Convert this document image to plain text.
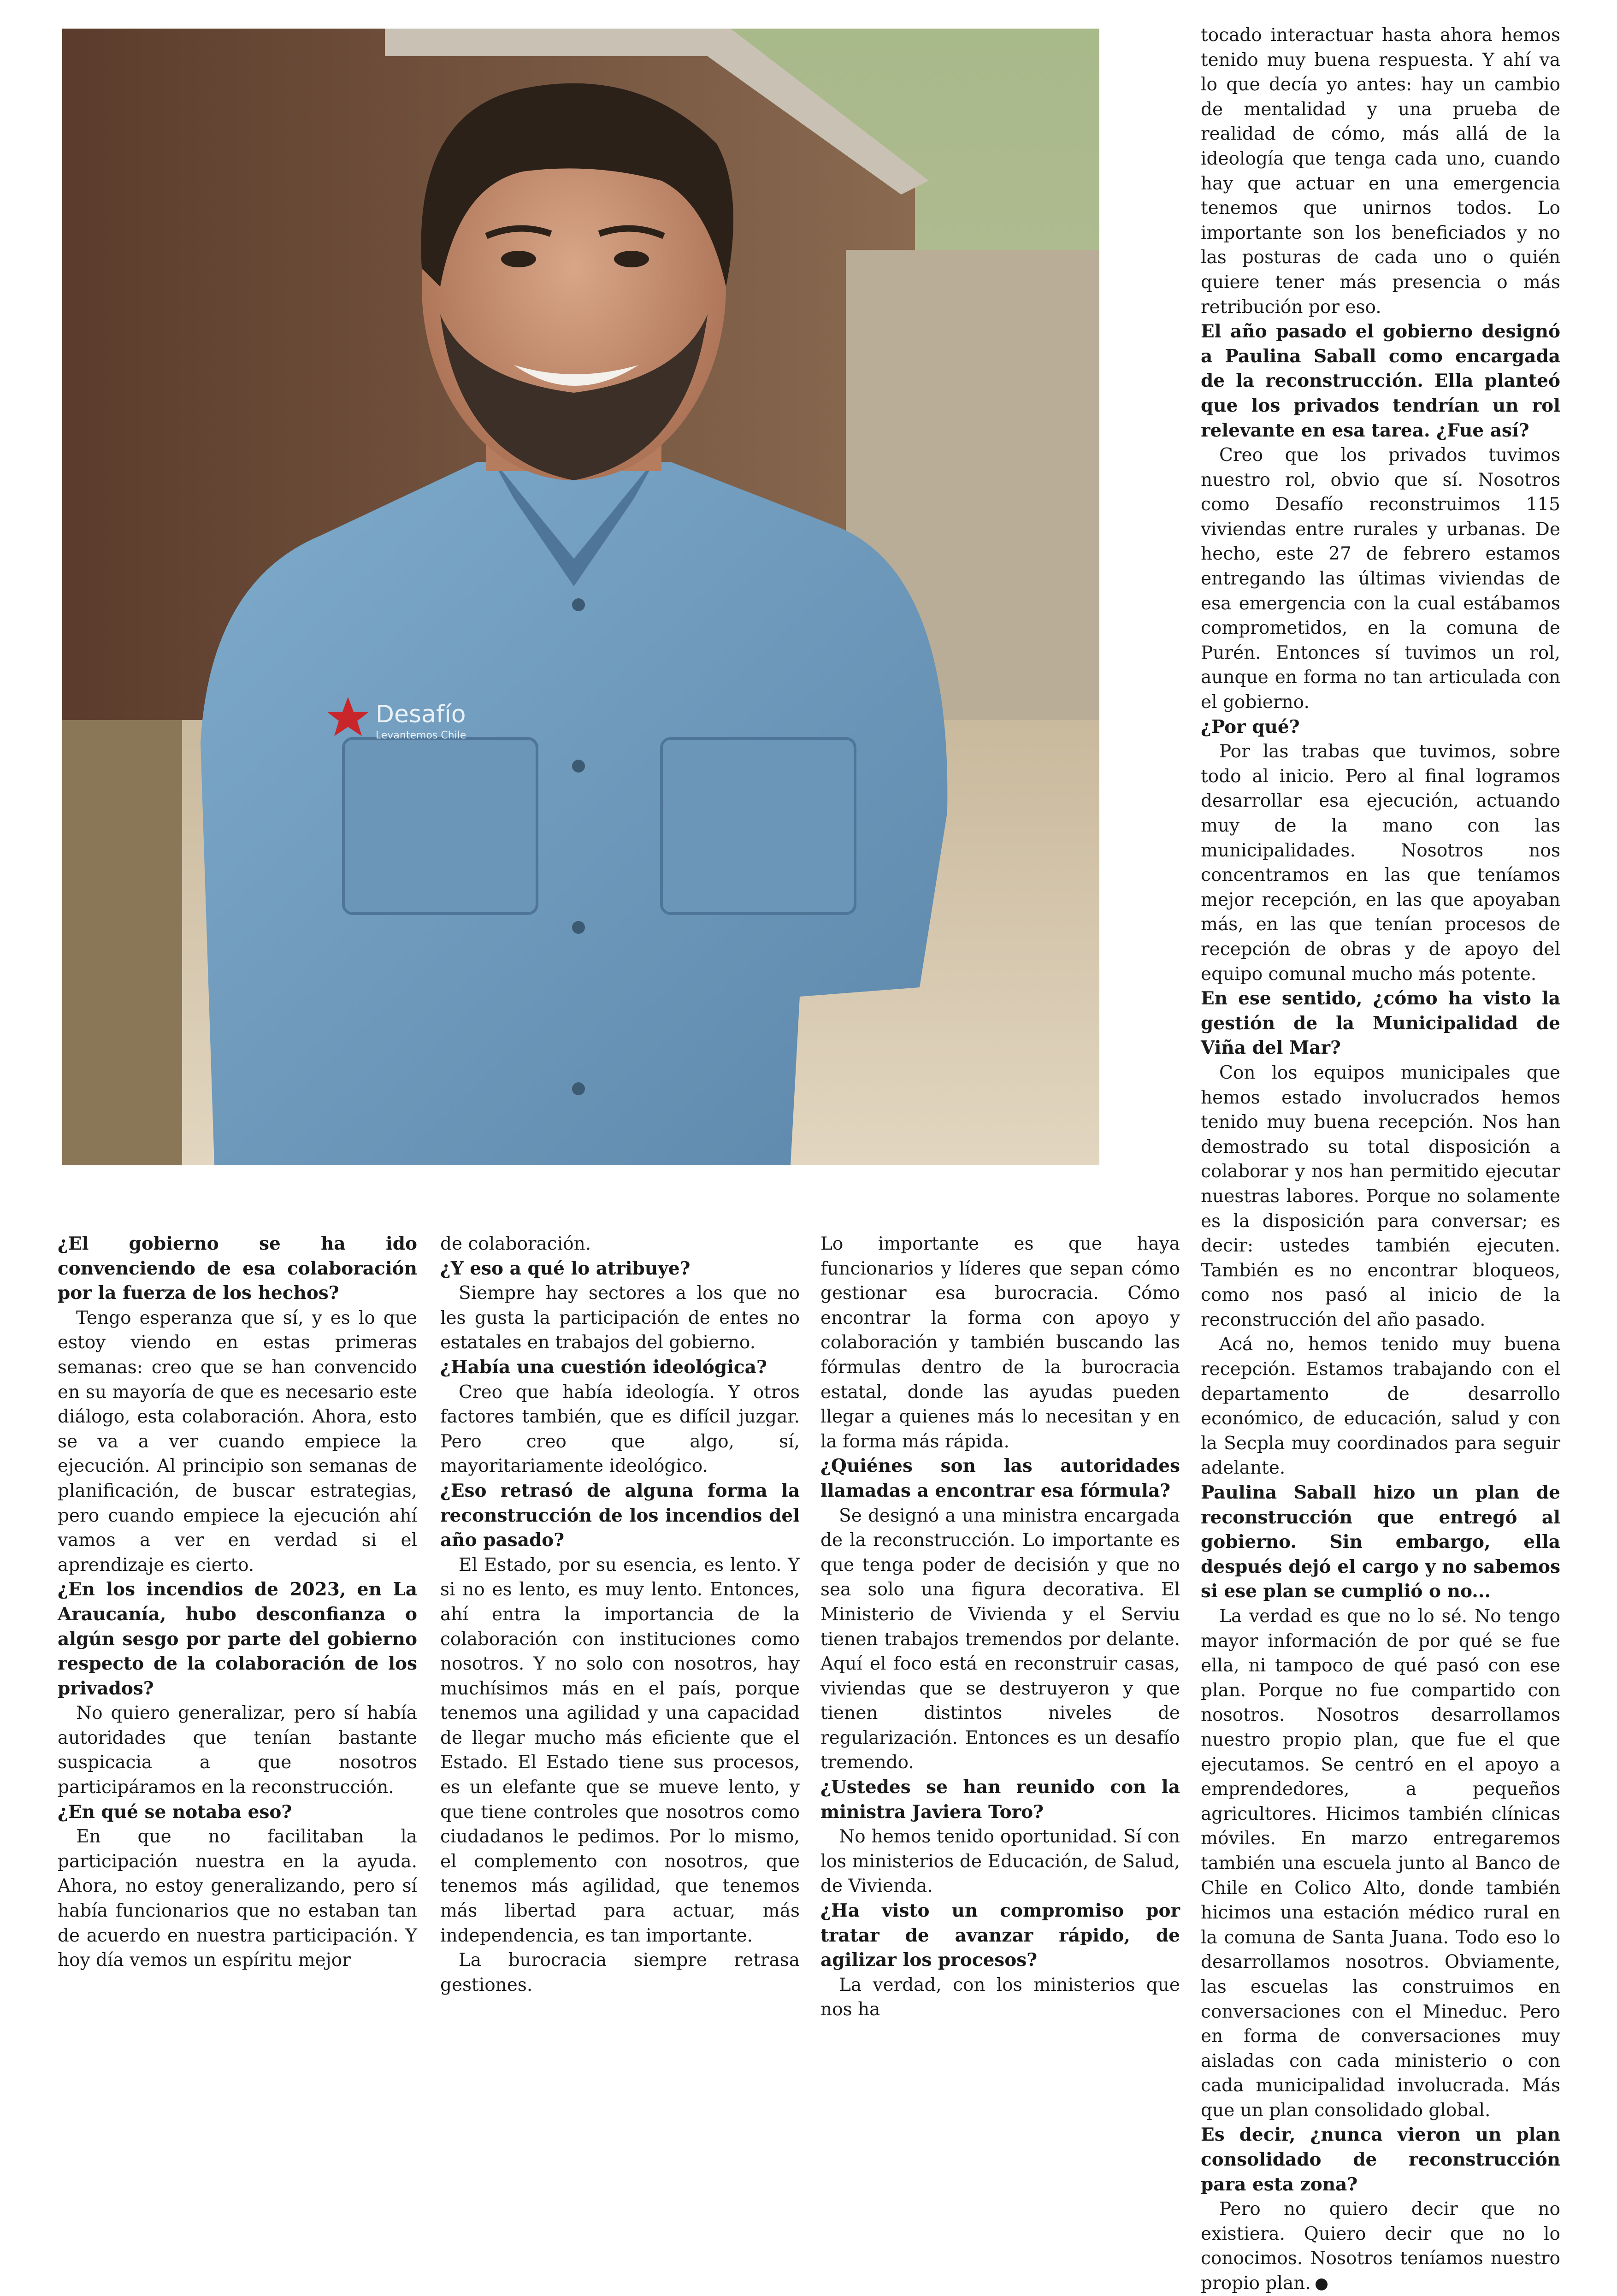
Desafío
Levantemos Chile
¿El gobierno se ha ido convenciendo de esa colaboración por la fuerza de los hechos?

Tengo esperanza que sí, y es lo que estoy viendo en estas primeras semanas: creo que se han convencido en su mayoría de que es necesario este diálogo, esta colaboración. Ahora, esto se va a ver cuando empiece la ejecución. Al principio son semanas de planificación, de buscar estrategias, pero cuando empiece la ejecución ahí vamos a ver en verdad si el aprendizaje es cierto.

¿En los incendios de 2023, en La Araucanía, hubo desconfianza o algún sesgo por parte del gobierno respecto de la colaboración de los privados?

No quiero generalizar, pero sí había autoridades que tenían bastante suspicacia a que nosotros participáramos en la reconstrucción.

¿En qué se notaba eso?

En que no facilitaban la participación nuestra en la ayuda. Ahora, no estoy generalizando, pero sí había funcionarios que no estaban tan de acuerdo en nuestra participación. Y hoy día vemos un espíritu mejor

de colaboración.

¿Y eso a qué lo atribuye?

Siempre hay sectores a los que no les gusta la participación de entes no estatales en trabajos del gobierno.

¿Había una cuestión ideológica?

Creo que había ideología. Y otros factores también, que es difícil juzgar. Pero creo que algo, sí, mayoritariamente ideológico.

¿Eso retrasó de alguna forma la reconstrucción de los incendios del año pasado?

El Estado, por su esencia, es lento. Y si no es lento, es muy lento. Entonces, ahí entra la importancia de la colaboración con instituciones como nosotros. Y no solo con nosotros, hay muchísimos más en el país, porque tenemos una agilidad y una capacidad de llegar mucho más eficiente que el Estado. El Estado tiene sus procesos, es un elefante que se mueve lento, y que tiene controles que nosotros como ciudadanos le pedimos. Por lo mismo, el complemento con nosotros, que tenemos más agilidad, que tenemos más libertad para actuar, más independencia, es tan importante.

La burocracia siempre retrasa gestiones.

Lo importante es que haya funcionarios y líderes que sepan cómo gestionar esa burocracia. Cómo encontrar la forma con apoyo y colaboración y también buscando las fórmulas dentro de la burocracia estatal, donde las ayudas pueden llegar a quienes más lo necesitan y en la forma más rápida.

¿Quiénes son las autoridades llamadas a encontrar esa fórmula?

Se designó a una ministra encargada de la reconstrucción. Lo importante es que tenga poder de decisión y que no sea solo una figura decorativa. El Ministerio de Vivienda y el Serviu tienen trabajos tremendos por delante. Aquí el foco está en reconstruir casas, viviendas que se destruyeron y que tienen distintos niveles de regularización. Entonces es un desafío tremendo.

¿Ustedes se han reunido con la ministra Javiera Toro?

No hemos tenido oportunidad. Sí con los ministerios de Educación, de Salud, de Vivienda.

¿Ha visto un compromiso por tratar de avanzar rápido, de agilizar los procesos?

La verdad, con los ministerios que nos ha

tocado interactuar hasta ahora hemos tenido muy buena respuesta. Y ahí va lo que decía yo antes: hay un cambio de mentalidad y una prueba de realidad de cómo, más allá de la ideología que tenga cada uno, cuando hay que actuar en una emergencia tenemos que unirnos todos. Lo importante son los beneficiados y no las posturas de cada uno o quién quiere tener más presencia o más retribución por eso.

El año pasado el gobierno designó a Paulina Saball como encargada de la reconstrucción. Ella planteó que los privados tendrían un rol relevante en esa tarea. ¿Fue así?

Creo que los privados tuvimos nuestro rol, obvio que sí. Nosotros como Desafío reconstruimos 115 viviendas entre rurales y urbanas. De hecho, este 27 de febrero estamos entregando las últimas viviendas de esa emergencia con la cual estábamos comprometidos, en la comuna de Purén. Entonces sí tuvimos un rol, aunque en forma no tan articulada con el gobierno.

¿Por qué?

Por las trabas que tuvimos, sobre todo al inicio. Pero al final logramos desarrollar esa ejecución, actuando muy de la mano con las municipalidades. Nosotros nos concentramos en las que teníamos mejor recepción, en las que apoyaban más, en las que tenían procesos de recepción de obras y de apoyo del equipo comunal mucho más potente.

En ese sentido, ¿cómo ha visto la gestión de la Municipalidad de Viña del Mar?

Con los equipos municipales que hemos estado involucrados hemos tenido muy buena recepción. Nos han demostrado su total disposición a colaborar y nos han permitido ejecutar nuestras labores. Porque no solamente es la disposición para conversar; es decir: ustedes también ejecuten. También es no encontrar bloqueos, como nos pasó al inicio de la reconstrucción del año pasado.

Acá no, hemos tenido muy buena recepción. Estamos trabajando con el departamento de desarrollo económico, de educación, salud y con la Secpla muy coordinados para seguir adelante.

Paulina Saball hizo un plan de reconstrucción que entregó al gobierno. Sin embargo, ella después dejó el cargo y no sabemos si ese plan se cumplió o no...

La verdad es que no lo sé. No tengo mayor información de por qué se fue ella, ni tampoco de qué pasó con ese plan. Porque no fue compartido con nosotros. Nosotros desarrollamos nuestro propio plan, que fue el que ejecutamos. Se centró en el apoyo a emprendedores, a pequeños agricultores. Hicimos también clínicas móviles. En marzo entregaremos también una escuela junto al Banco de Chile en Colico Alto, donde también hicimos una estación médico rural en la comuna de Santa Juana. Todo eso lo desarrollamos nosotros. Obviamente, las escuelas las construimos en conversaciones con el Mineduc. Pero en forma de conversaciones muy aisladas con cada ministerio o con cada municipalidad involucrada. Más que un plan consolidado global.

Es decir, ¿nunca vieron un plan consolidado de reconstrucción para esta zona?

Pero no quiero decir que no existiera. Quiero decir que no lo conocimos. Nosotros teníamos nuestro propio plan.	D
